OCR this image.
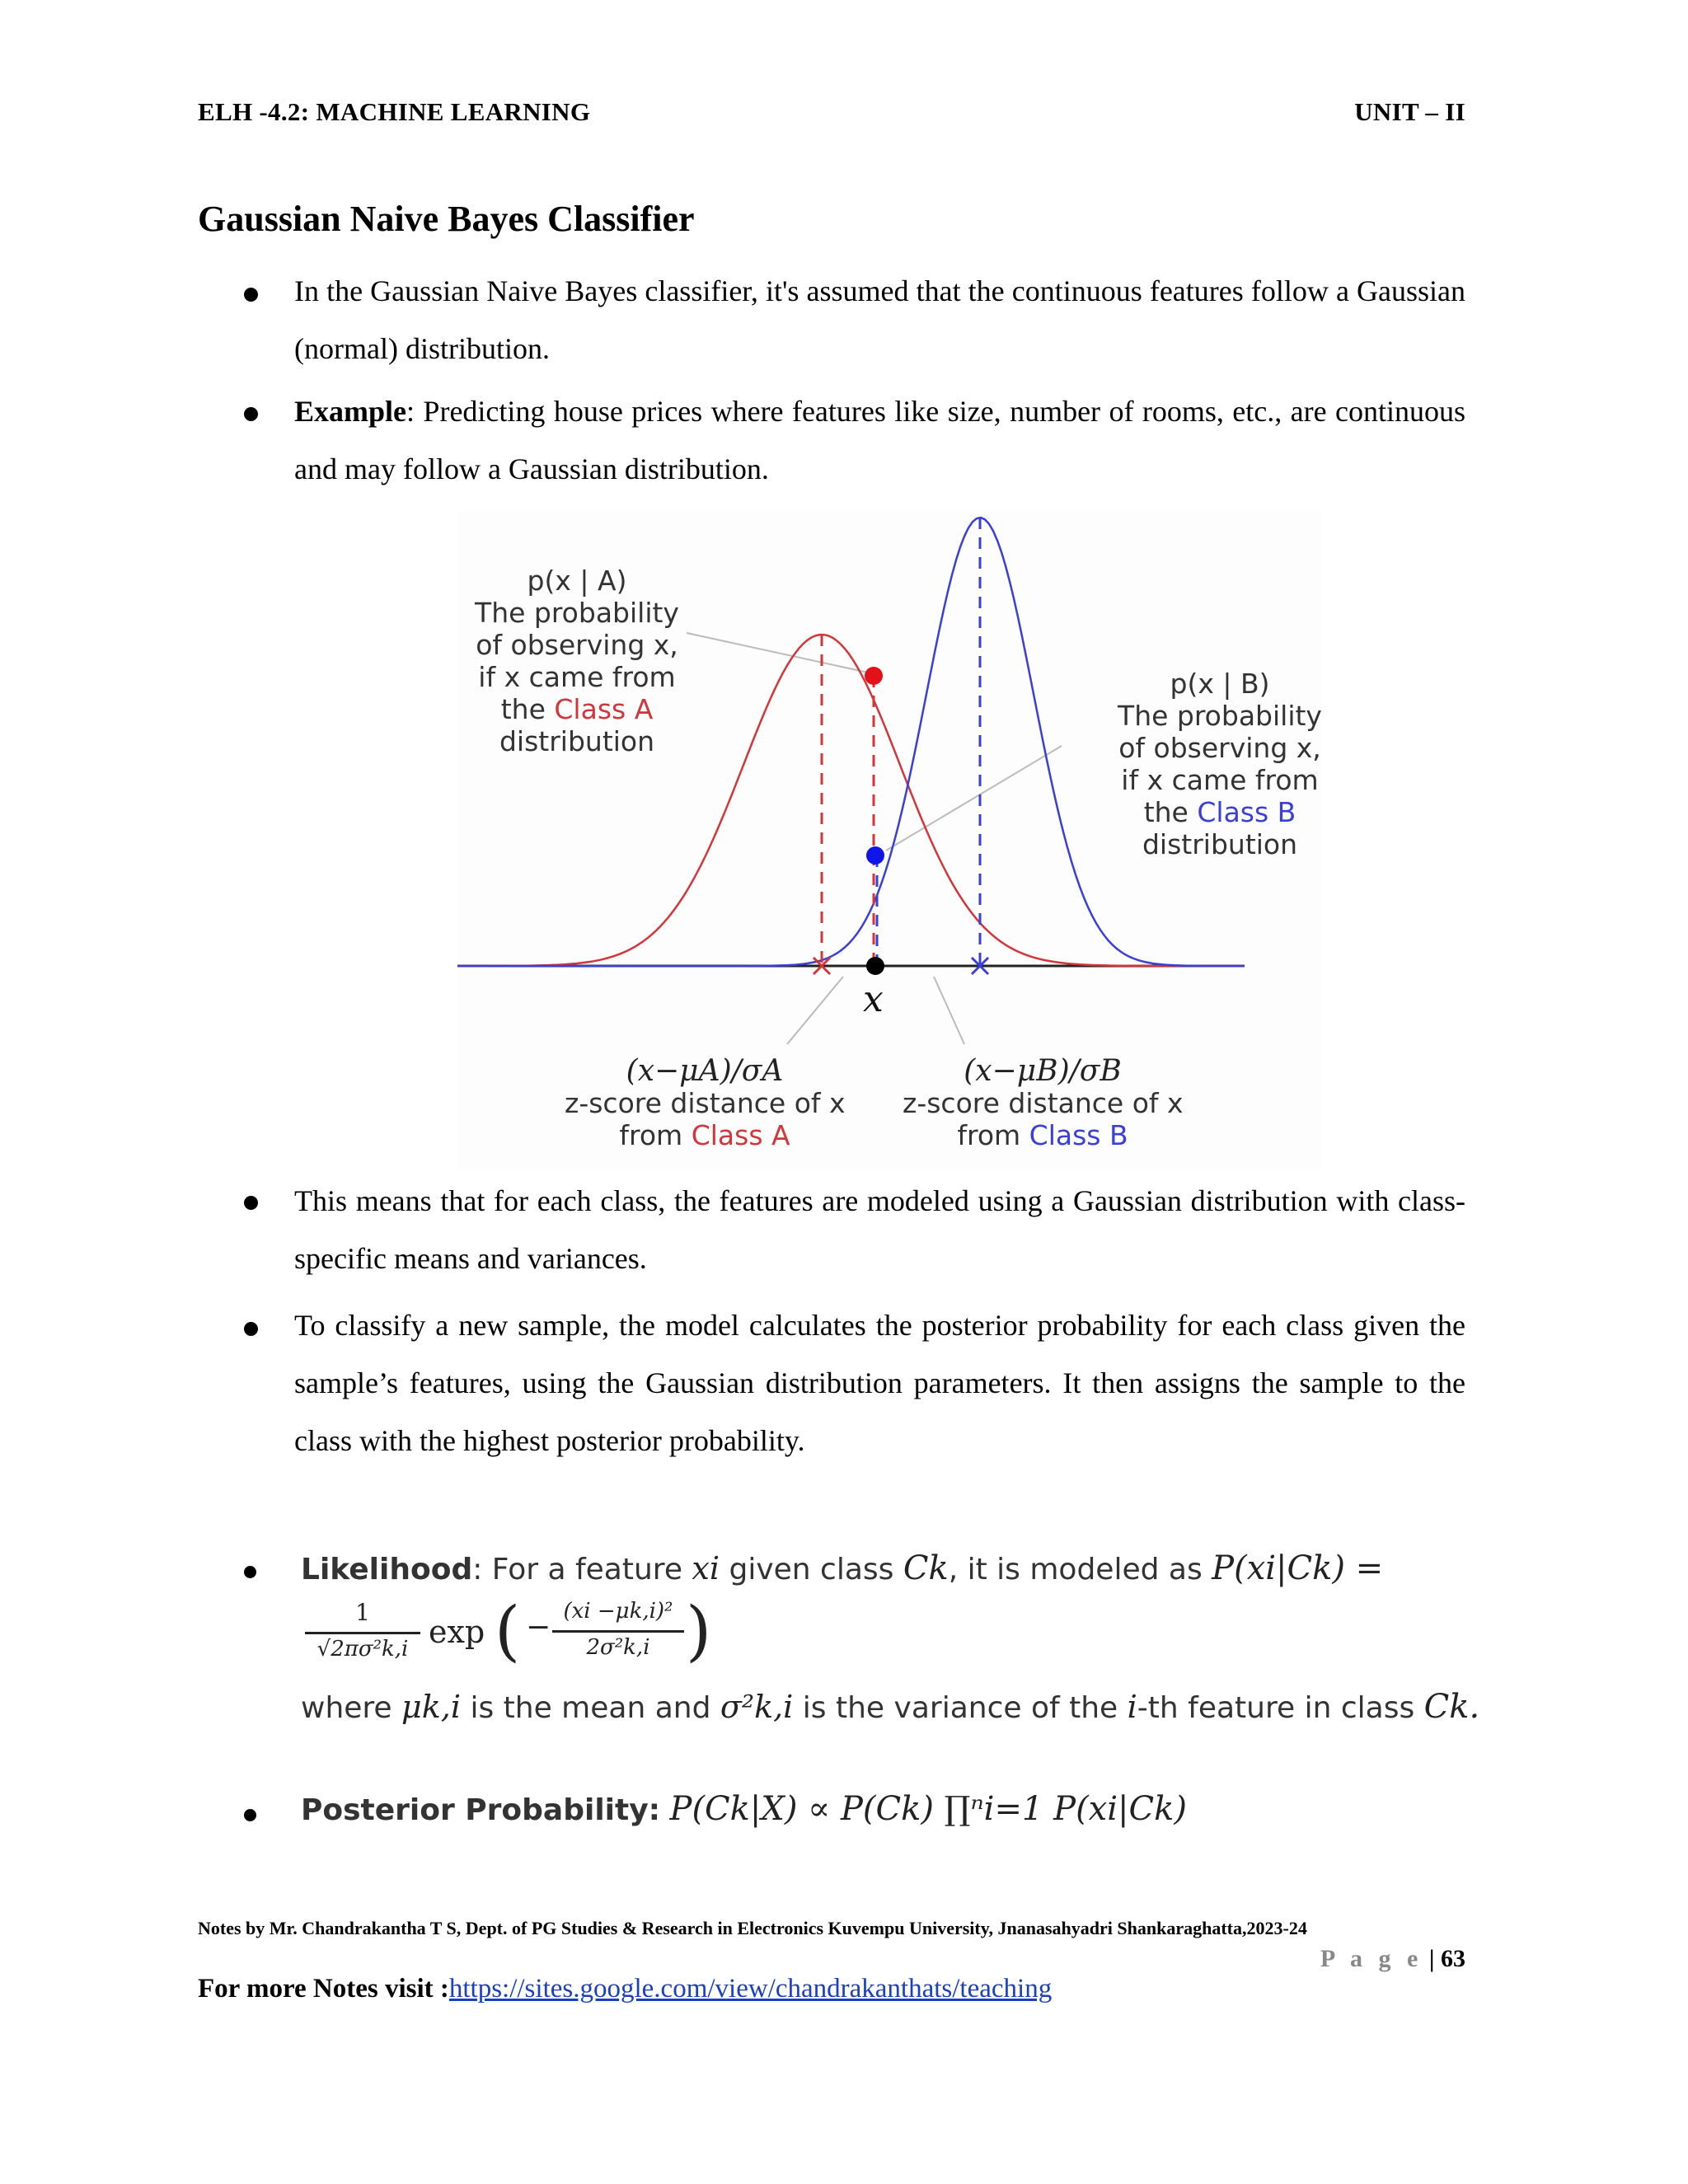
ELH -4.2: MACHINE LEARNING	UNIT – II
Gaussian Naive Bayes Classifier
In the Gaussian Naive Bayes classifier, it's assumed that the continuous features follow a Gaussian (normal) distribution.
Example: Predicting house prices where features like size, number of rooms, etc., are continuous and may follow a Gaussian distribution.
p(x | A)
The probability
of observing x,
if x came from
the Class A
distribution
p(x | B)
The probability
of observing x,
if x came from
the Class B
distribution
x
(x−μA)/σA
z-score distance of x
from Class A
(x−μB)/σB
z-score distance of x
from Class B
This means that for each class, the features are modeled using a Gaussian distribution with class-specific means and variances.
To classify a new sample, the model calculates the posterior probability for each class given the sample’s features, using the Gaussian distribution parameters. It then assigns the sample to the class with the highest posterior probability.
Likelihood: For a feature xi given class Ck, it is modeled as P(xi|Ck) =
1
√2πσ²k,i exp ( − (xi −μk,i)²
2σ²k,i )
where μk,i is the mean and σ²k,i is the variance of the i-th feature in class Ck.
Posterior Probability: P(Ck|X) ∝ P(Ck) ∏ⁿi=1 P(xi|Ck)
Notes by Mr. Chandrakantha T S, Dept. of PG Studies & Research in Electronics Kuvempu University, Jnanasahyadri Shankaraghatta,2023-24
P a g e | 63
For more Notes visit :https://sites.google.com/view/chandrakanthats/teaching
